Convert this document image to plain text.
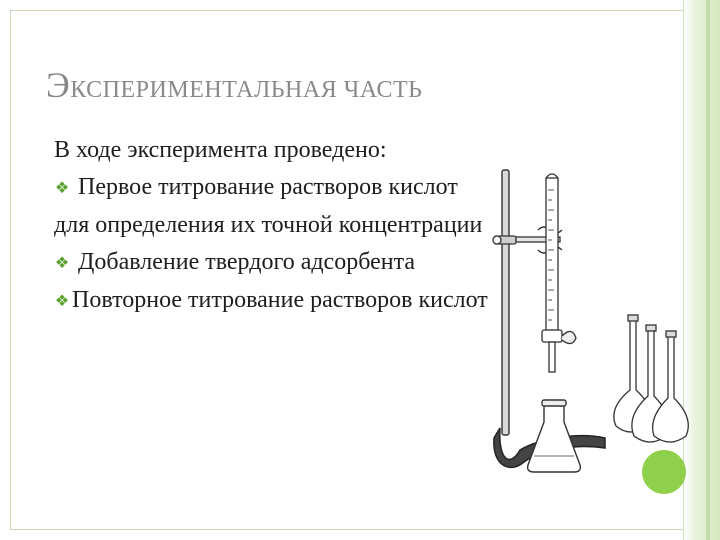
ЭКСПЕРИМЕНТАЛЬНАЯ ЧАСТЬ

В ходе эксперимента проведено:

❖ Первое титрование растворов кислот для определения их точной концентрации

❖ Добавление твердого адсорбента

❖ Повторное титрование растворов кислот
